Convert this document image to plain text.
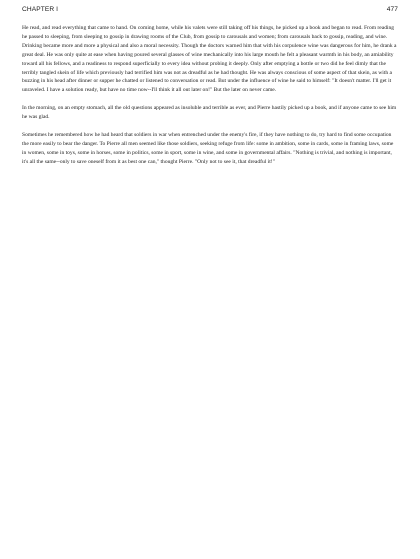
CHAPTER I	477

He read, and read everything that came to hand. On coming home, while his valets were still taking off his things, he picked up a book and began to read. From reading he passed to sleeping, from sleeping to gossip in drawing rooms of the Club, from gossip to carousals and women; from carousals back to gossip, reading, and wine. Drinking became more and more a physical and also a moral necessity. Though the doctors warned him that with his corpulence wine was dangerous for him, he drank a great deal. He was only quite at ease when having poured several glasses of wine mechanically into his large mouth he felt a pleasant warmth in his body, an amiability toward all his fellows, and a readiness to respond superficially to every idea without probing it deeply. Only after emptying a bottle or two did he feel dimly that the terribly tangled skein of life which previously had terrified him was not as dreadful as he had thought. He was always conscious of some aspect of that skein, as with a buzzing in his head after dinner or supper he chatted or listened to conversation or read. But under the influence of wine he said to himself: "It doesn't matter. I'll get it unraveled. I have a solution ready, but have no time now--I'll think it all out later on!" But the later on never came.

In the morning, on an empty stomach, all the old questions appeared as insoluble and terrible as ever, and Pierre hastily picked up a book, and if anyone came to see him he was glad.

Sometimes he remembered how he had heard that soldiers in war when entrenched under the enemy's fire, if they have nothing to do, try hard to find some occupation the more easily to bear the danger. To Pierre all men seemed like those soldiers, seeking refuge from life: some in ambition, some in cards, some in framing laws, some in women, some in toys, some in horses, some in politics, some in sport, some in wine, and some in governmental affairs. "Nothing is trivial, and nothing is important, it's all the same--only to save oneself from it as best one can," thought Pierre. "Only not to see it, that dreadful it!"
